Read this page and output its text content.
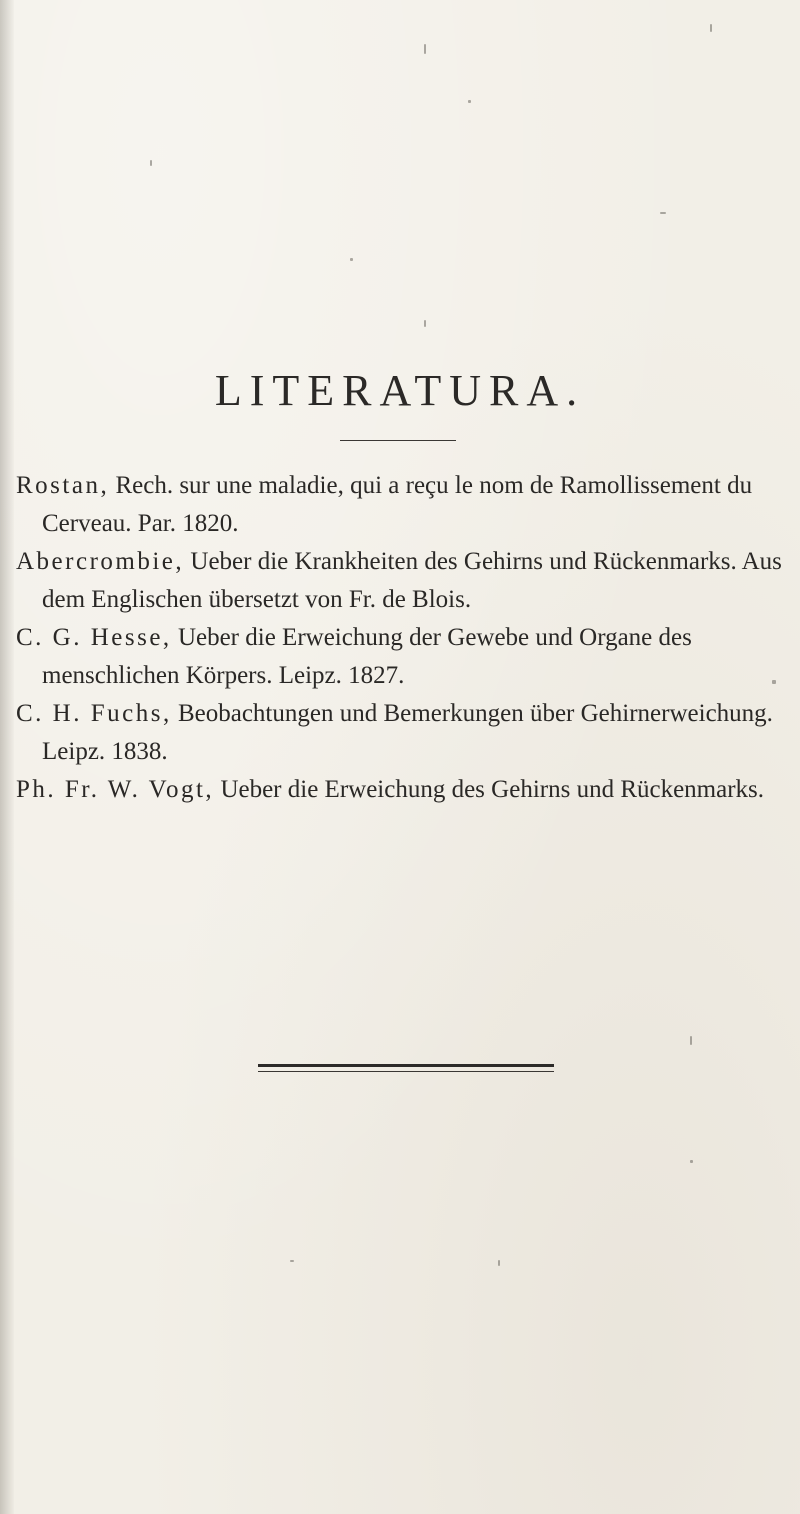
LITERATURA.
Rostan, Rech. sur une maladie, qui a reçu le nom de Ramollissement du Cerveau. Par. 1820.
Abercrombie, Ueber die Krankheiten des Gehirns und Rückenmarks. Aus dem Englischen übersetzt von Fr. de Blois.
C. G. Hesse, Ueber die Erweichung der Gewebe und Organe des menschlichen Körpers. Leipz. 1827.
C. H. Fuchs, Beobachtungen und Bemerkungen über Gehirnerweichung. Leipz. 1838.
Ph. Fr. W. Vogt, Ueber die Erweichung des Gehirns und Rückenmarks.
